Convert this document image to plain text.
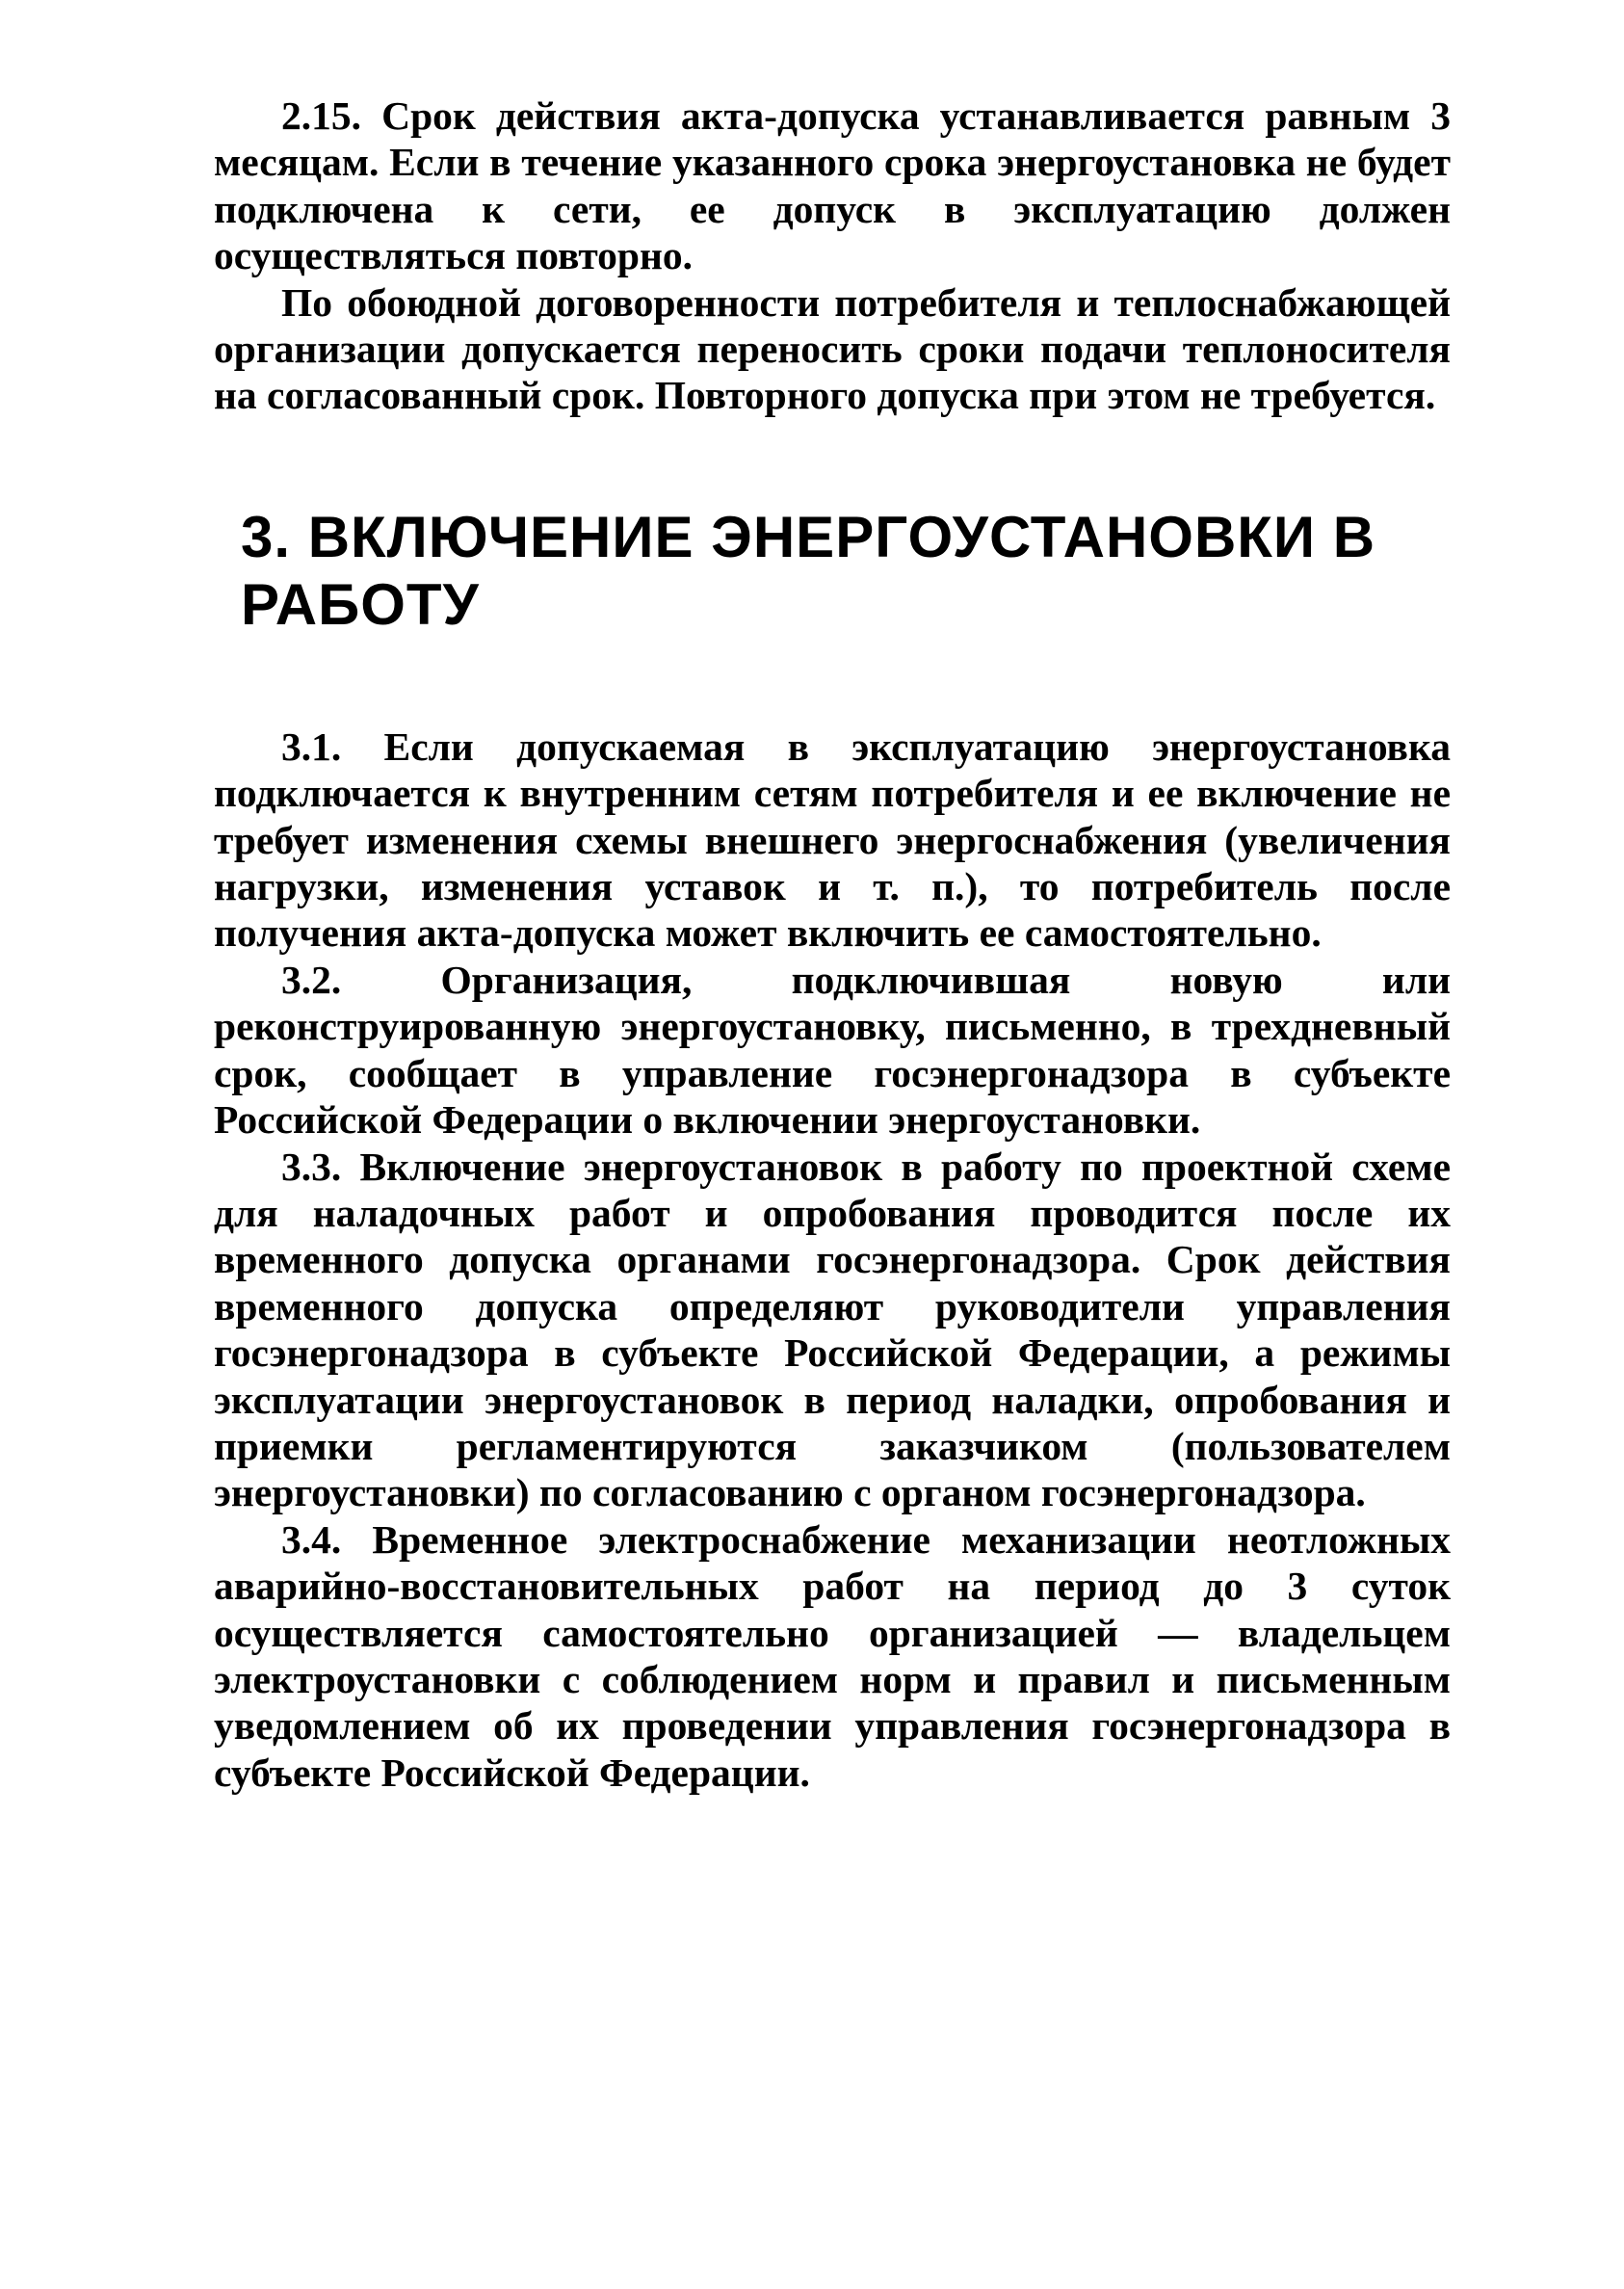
2.15. Срок действия акта-допуска устанавливается равным 3 месяцам. Если в течение указанного срока энергоустановка не будет подключена к сети, ее допуск в эксплуатацию должен осуществляться повторно.

По обоюдной договоренности потребителя и теплоснабжающей организации допускается переносить сроки подачи теплоносителя на согласованный срок. Повторного допуска при этом не требуется.

3. ВКЛЮЧЕНИЕ ЭНЕРГОУСТАНОВКИ В РАБОТУ

3.1. Если допускаемая в эксплуатацию энергоустановка подключается к внутренним сетям потребителя и ее включение не требует изменения схемы внешнего энергоснабжения (увеличения нагрузки, изменения уставок и т. п.), то потребитель после получения акта-допуска может включить ее самостоятельно.

3.2. Организация, подключившая новую или реконструированную энергоустановку, письменно, в трехдневный срок, сообщает в управление госэнергонадзора в субъекте Российской Федерации о включении энергоустановки.

3.3. Включение энергоустановок в работу по проектной схеме для наладочных работ и опробования проводится после их временного допуска органами госэнергонадзора. Срок действия временного допуска определяют руководители управления госэнергонадзора в субъекте Российской Федерации, а режимы эксплуатации энергоустановок в период наладки, опробования и приемки регламентируются заказчиком (пользователем энергоустановки) по согласованию с органом госэнергонадзора.

3.4. Временное электроснабжение механизации неотложных аварийно-восстановительных работ на период до 3 суток осуществляется самостоятельно организацией — владельцем электроустановки с соблюдением норм и правил и письменным уведомлением об их проведении управления госэнергонадзора в субъекте Российской Федерации.
